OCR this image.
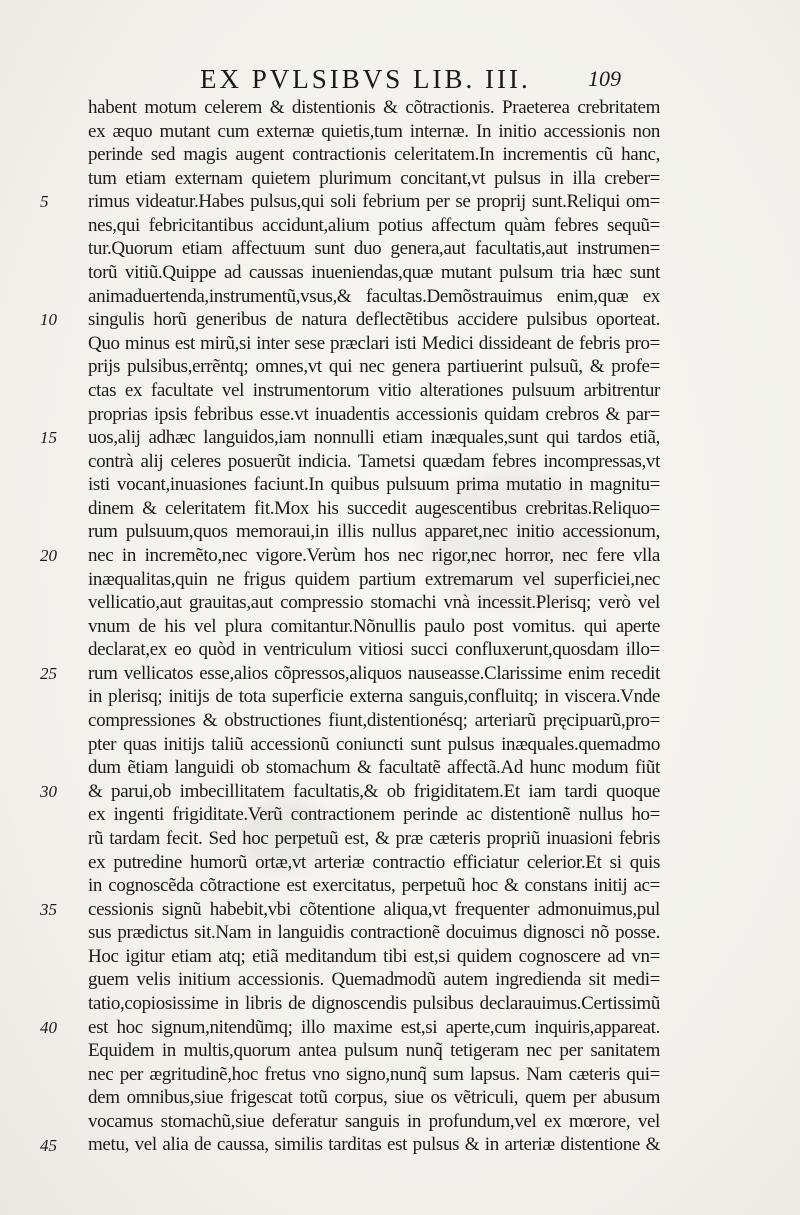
EX PVLSIBVS LIB. III.	109
5
10
15
20
25
30
35
40
45
habent motum celerem & distentionis & cõtractionis. Praeterea crebritatem
ex æquo mutant cum externæ quietis,tum internæ. In initio accessionis non
perinde sed magis augent contractionis celeritatem.In incrementis cũ hanc,
tum etiam externam quietem plurimum concitant,vt pulsus in illa creber=
rimus videatur.Habes pulsus,qui soli febrium per se proprij sunt.Reliqui om=
nes,qui febricitantibus accidunt,alium potius affectum quàm febres sequũ=
tur.Quorum etiam affectuum sunt duo genera,aut facultatis,aut instrumen=
torũ vitiũ.Quippe ad caussas inueniendas,quæ mutant pulsum tria hæc sunt
animaduertenda,instrumentũ,vsus,& facultas.Demõstrauimus enim,quæ ex
singulis horũ generibus de natura deflectẽtibus accidere pulsibus oporteat.
Quo minus est mirũ,si inter sese præclari isti Medici dissideant de febris pro=
prijs pulsibus,errẽntq; omnes,vt qui nec genera partiuerint pulsuũ, & profe=
ctas ex facultate vel instrumentorum vitio alterationes pulsuum arbitrentur
proprias ipsis febribus esse.vt inuadentis accessionis quidam crebros & par=
uos,alij adhæc languidos,iam nonnulli etiam inæquales,sunt qui tardos etiã,
contrà alij celeres posuerũt indicia. Tametsi quædam febres incompressas,vt
isti vocant,inuasiones faciunt.In quibus pulsuum prima mutatio in magnitu=
dinem & celeritatem fit.Mox his succedit augescentibus crebritas.Reliquo=
rum pulsuum,quos memoraui,in illis nullus apparet,nec initio accessionum,
nec in incremẽto,nec vigore.Verùm hos nec rigor,nec horror, nec fere vlla
inæqualitas,quin ne frigus quidem partium extremarum vel superficiei,nec
vellicatio,aut grauitas,aut compressio stomachi vnà incessit.Plerisq; verò vel
vnum de his vel plura comitantur.Nõnullis paulo post vomitus. qui aperte
declarat,ex eo quòd in ventriculum vitiosi succi confluxerunt,quosdam illo=
rum vellicatos esse,alios cõpressos,aliquos nauseasse.Clarissime enim recedit
in plerisq; initijs de tota superficie externa sanguis,confluitq; in viscera.Vnde
compressiones & obstructiones fiunt,distentionésq; arteriarũ pręcipuarũ,pro=
pter quas initijs taliũ accessionũ coniuncti sunt pulsus inæquales.quemadmo
dum ẽtiam languidi ob stomachum & facultatẽ affectã.Ad hunc modum fiũt
& parui,ob imbecillitatem facultatis,& ob frigiditatem.Et iam tardi quoque
ex ingenti frigiditate.Verũ contractionem perinde ac distentionẽ nullus ho=
rũ tardam fecit. Sed hoc perpetuũ est, & præ cæteris propriũ inuasioni febris
ex putredine humorũ ortæ,vt arteriæ contractio efficiatur celerior.Et si quis
in cognoscẽda cõtractione est exercitatus, perpetuũ hoc & constans initij ac=
cessionis signũ habebit,vbi cõtentione aliqua,vt frequenter admonuimus,pul
sus prædictus sit.Nam in languidis contractionẽ docuimus dignosci nõ posse.
Hoc igitur etiam atq; etiã meditandum tibi est,si quidem cognoscere ad vn=
guem velis initium accessionis. Quemadmodũ autem ingredienda sit medi=
tatio,copiosissime in libris de dignoscendis pulsibus declarauimus.Certissimũ
est hoc signum,nitendũmq; illo maxime est,si aperte,cum inquiris,appareat.
Equidem in multis,quorum antea pulsum nunq̃ tetigeram nec per sanitatem
nec per ægritudinẽ,hoc fretus vno signo,nunq̃ sum lapsus. Nam cæteris qui=
dem omnibus,siue frigescat totũ corpus, siue os vẽtriculi, quem per abusum
vocamus stomachũ,siue deferatur sanguis in profundum,vel ex mœrore, vel
metu, vel alia de caussa, similis tarditas est pulsus & in arteriæ distentione &
